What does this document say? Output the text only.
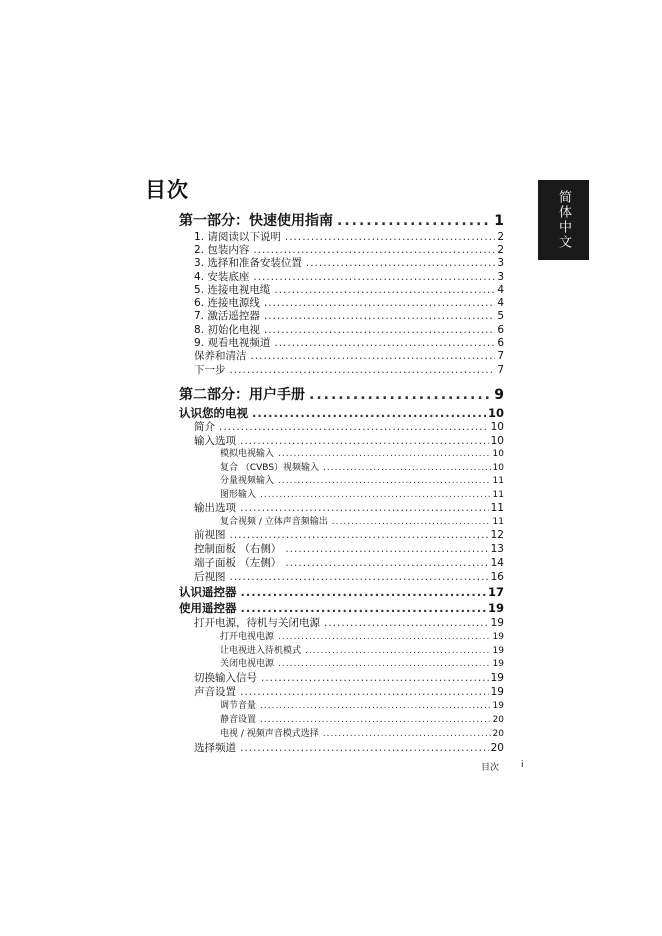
目次	简体中文
第一部分：快速使用指南 .....	1
1. 请阅读以下说明 .....	2
2. 包装内容 .....	2
3. 选择和准备安装位置 .....	3
4. 安装底座 .....	3
5. 连接电视电缆 .....	4
6. 连接电源线 .....	4
7. 激活遥控器 .....	5
8. 初始化电视 .....	6
9. 观看电视频道 .....	6
保养和清洁 .....	7
下一步 .....	7
第二部分：用户手册 .....	9
认识您的电视 .....	10
简介 .....	10
输入选项 .....	10
模拟电视输入 .....	10
复合 （CVBS）视频输入 .....	10
分量视频输入 .....	11
图形输入 .....	11
输出选项 .....	11
复合视频 / 立体声音频输出 .....	11
前视图 .....	12
控制面板 （右侧） .....	13
端子面板 （左侧） .....	14
后视图 .....	16
认识遥控器 .....	17
使用遥控器 .....	19
打开电源，待机与关闭电源 .....	19
打开电视电源 .....	19
让电视进入待机模式 .....	19
关闭电视电源 .....	19
切换输入信号 .....	19
声音设置 .....	19
调节音量 .....	19
静音设置 .....	20
电视 / 视频声音模式选择 .....	20
选择频道 .....	20
目次 i
